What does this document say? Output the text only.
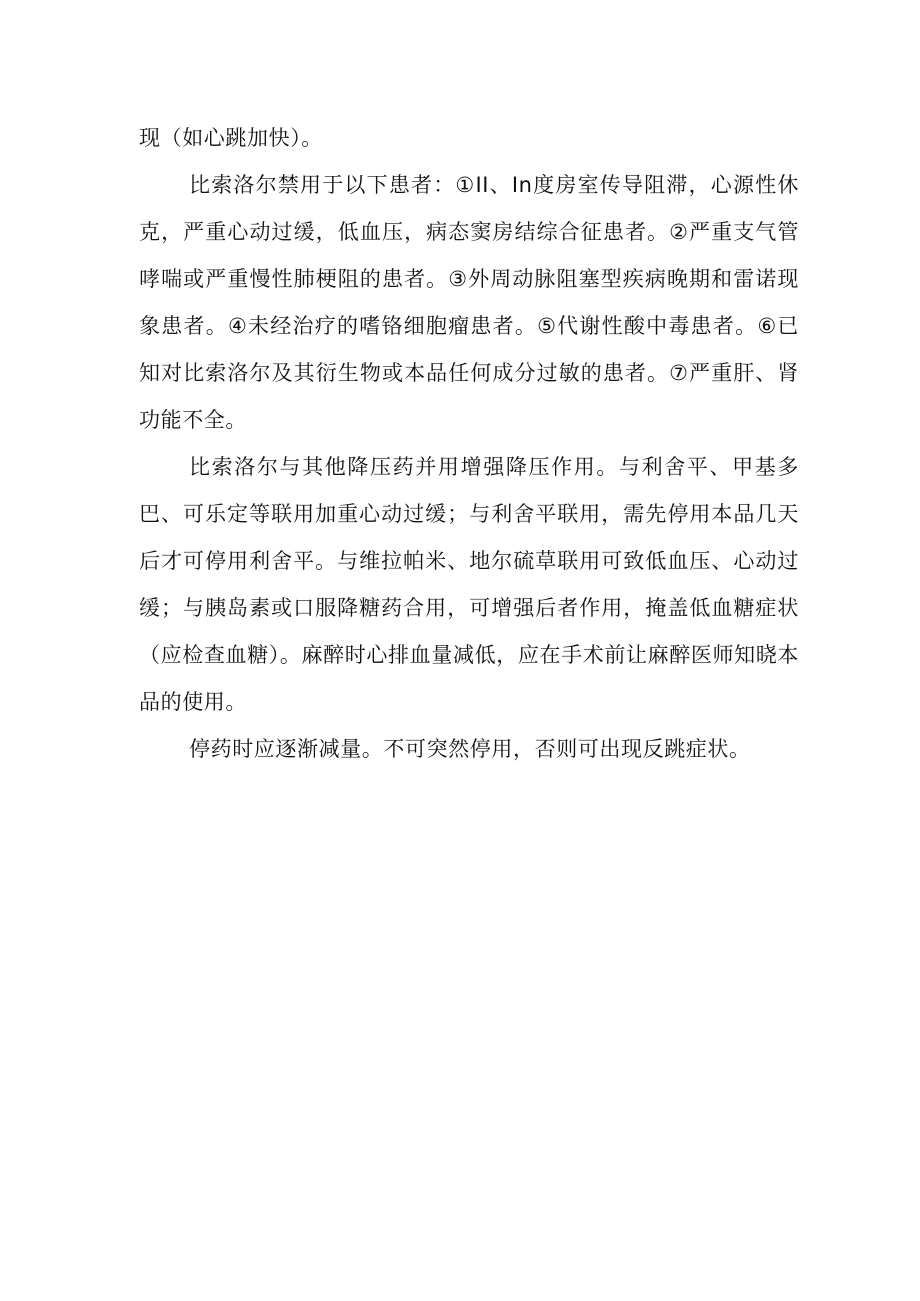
现（如心跳加快）。

比索洛尔禁用于以下患者：①II、In度房室传导阻滞，心源性休克，严重心动过缓，低血压，病态窦房结综合征患者。②严重支气管哮喘或严重慢性肺梗阻的患者。③外周动脉阻塞型疾病晚期和雷诺现象患者。④未经治疗的嗜铬细胞瘤患者。⑤代谢性酸中毒患者。⑥已知对比索洛尔及其衍生物或本品任何成分过敏的患者。⑦严重肝、肾功能不全。

比索洛尔与其他降压药并用增强降压作用。与利舍平、甲基多巴、可乐定等联用加重心动过缓；与利舍平联用，需先停用本品几天后才可停用利舍平。与维拉帕米、地尔硫草联用可致低血压、心动过缓；与胰岛素或口服降糖药合用，可增强后者作用，掩盖低血糖症状（应检查血糖）。麻醉时心排血量减低，应在手术前让麻醉医师知晓本品的使用。

停药时应逐渐减量。不可突然停用，否则可出现反跳症状。
